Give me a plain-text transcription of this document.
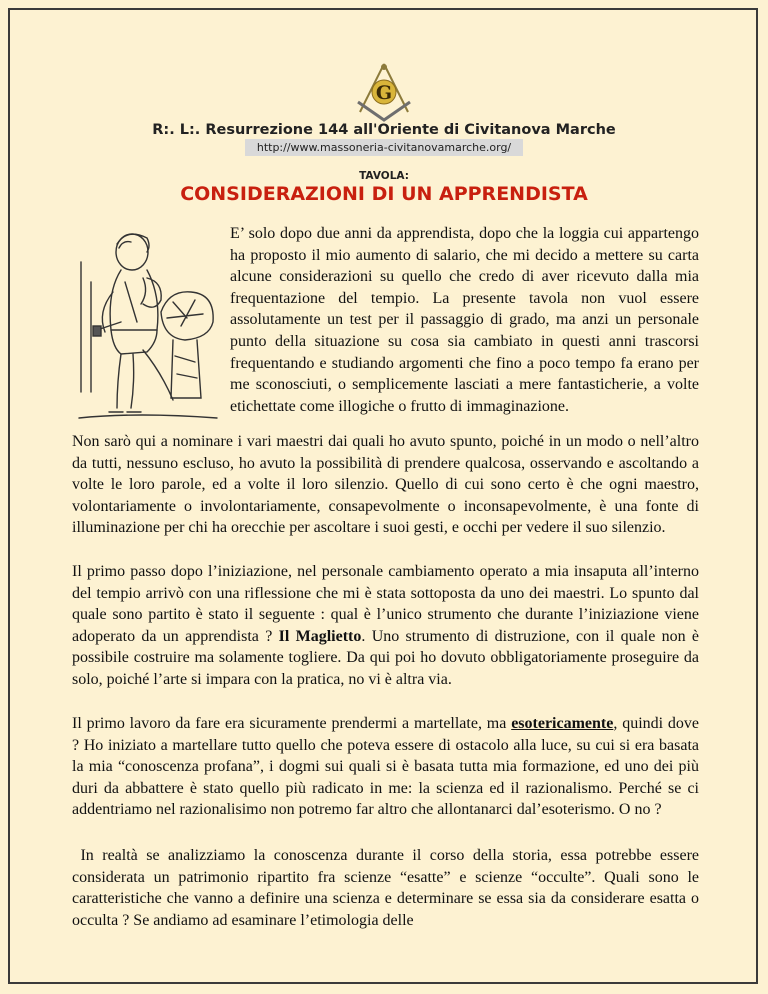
G
R:. L:. Resurrezione 144 all'Oriente di Civitanova Marche
http://www.massoneria-civitanovamarche.org/
TAVOLA:
CONSIDERAZIONI DI UN APPRENDISTA

E’ solo dopo due anni da apprendista, dopo che la loggia cui appartengo ha proposto il mio aumento di salario, che mi decido a mettere su carta alcune considerazioni su quello che credo di aver ricevuto dalla mia frequentazione del tempio. La presente tavola non vuol essere assolutamente un test per il passaggio di grado, ma anzi un personale punto della situazione su cosa sia cambiato in questi anni trascorsi frequentando e studiando argomenti che fino a poco tempo fa erano per me sconosciuti, o semplicemente lasciati a mere fantasticherie, a volte etichettate come illogiche o frutto di immaginazione.

Non sarò qui a nominare i vari maestri dai quali ho avuto spunto, poiché in un modo o nell’altro da tutti, nessuno escluso, ho avuto la possibilità di prendere qualcosa, osservando e ascoltando a volte le loro parole, ed a volte il loro silenzio. Quello di cui sono certo è che ogni maestro, volontariamente o involontariamente, consapevolmente o inconsapevolmente, è una fonte di illuminazione per chi ha orecchie per ascoltare i suoi gesti, e occhi per vedere il suo silenzio.

Il primo passo dopo l’iniziazione, nel personale cambiamento operato a mia insaputa all’interno del tempio arrivò con una riflessione che mi è stata sottoposta da uno dei maestri. Lo spunto dal quale sono partito è stato il seguente : qual è l’unico strumento che durante l’iniziazione viene adoperato da un apprendista ? Il Maglietto. Uno strumento di distruzione, con il quale non è possibile costruire ma solamente togliere. Da qui poi ho dovuto obbligatoriamente proseguire da solo, poiché l’arte si impara con la pratica, no vi è altra via.

Il primo lavoro da fare era sicuramente prendermi a martellate, ma esotericamente, quindi dove ? Ho iniziato a martellare tutto quello che poteva essere di ostacolo alla luce, su cui si era basata la mia “conoscenza profana”, i dogmi sui quali si è basata tutta mia formazione, ed uno dei più duri da abbattere è stato quello più radicato in me: la scienza ed il razionalismo. Perché se ci addentriamo nel razionalisimo non potremo far altro che allontanarci dal’esoterismo. O no ?

In realtà se analizziamo la conoscenza durante il corso della storia, essa potrebbe essere considerata un patrimonio ripartito fra scienze “esatte” e scienze “occulte”. Quali sono le caratteristiche che vanno a definire una scienza e determinare se essa sia da considerare esatta o occulta ? Se andiamo ad esaminare l’etimologia delle
